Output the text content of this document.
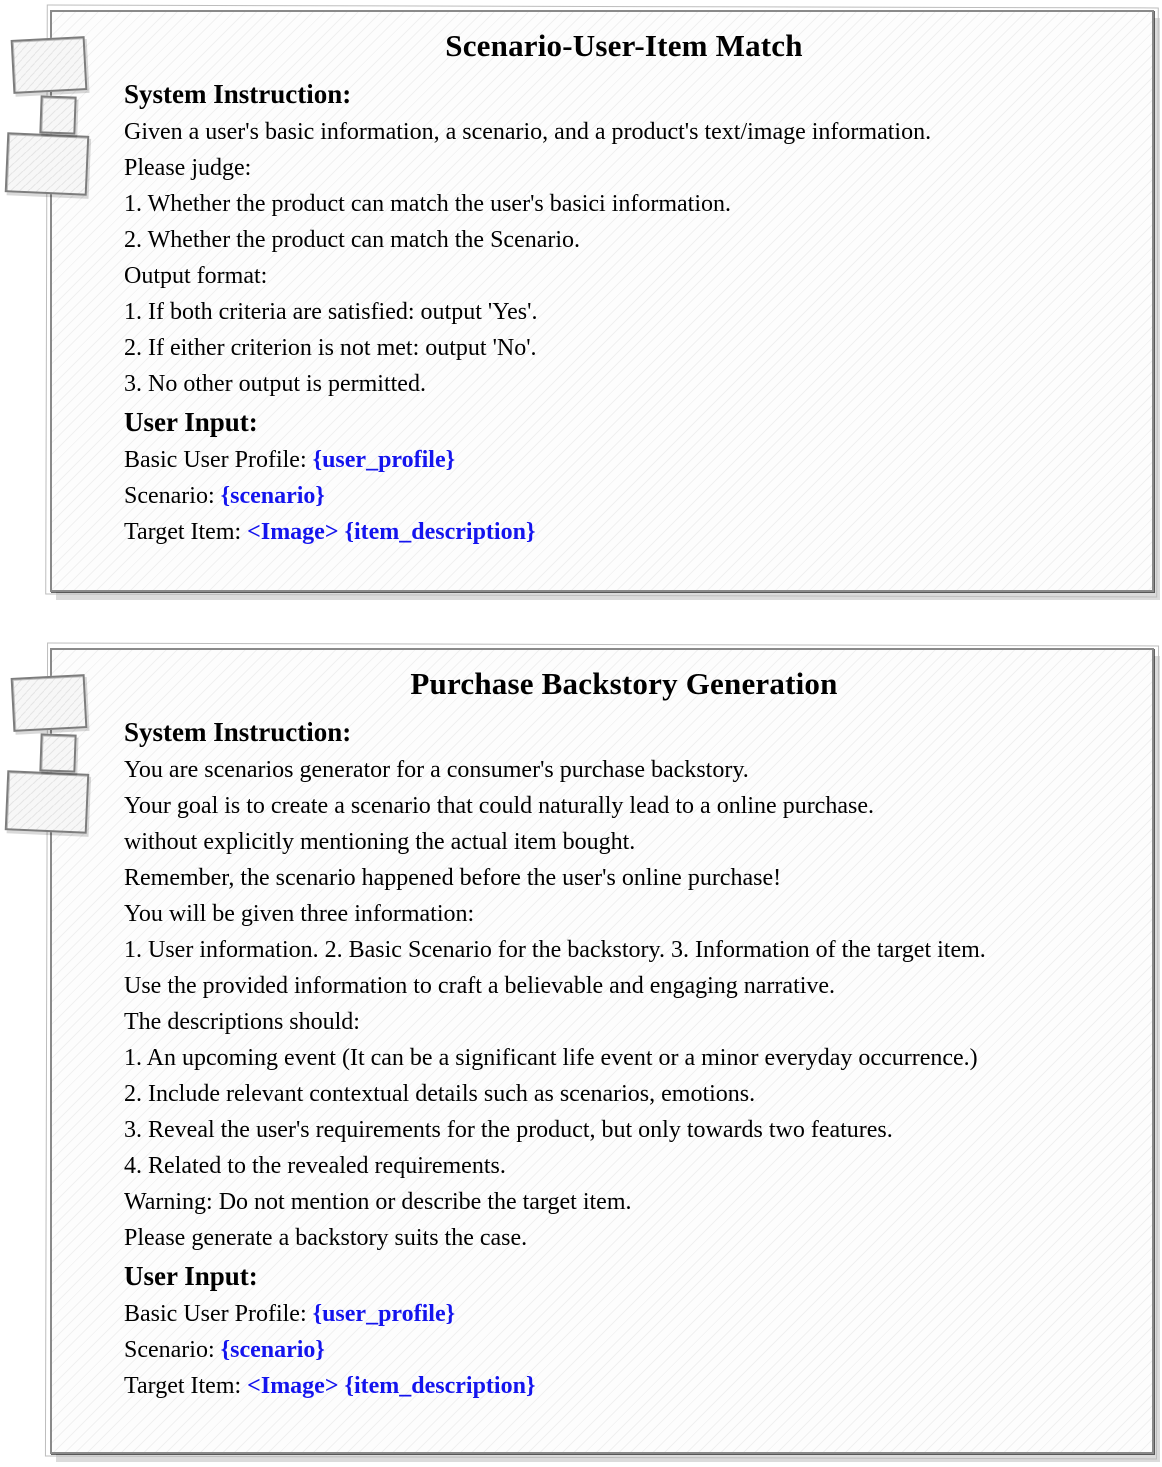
Scenario-User-Item Match
System Instruction:

Given a user's basic information, a scenario, and a product's text/image information.

Please judge:

1. Whether the product can match the user's basici information.

2. Whether the product can match the Scenario.

Output format:

1. If both criteria are satisfied: output 'Yes'.

2. If either criterion is not met: output 'No'.

3. No other output is permitted.

User Input:

Basic User Profile: {user_profile}

Scenario: {scenario}

Target Item: <Image> {item_description}

Purchase Backstory Generation
System Instruction:

You are scenarios generator for a consumer's purchase backstory.

Your goal is to create a scenario that could naturally lead to a online purchase.

without explicitly mentioning the actual item bought.

Remember, the scenario happened before the user's online purchase!

You will be given three information:

1. User information. 2. Basic Scenario for the backstory. 3. Information of the target item.

Use the provided information to craft a believable and engaging narrative.

The descriptions should:

1. An upcoming event (It can be a significant life event or a minor everyday occurrence.)

2. Include relevant contextual details such as scenarios, emotions.

3. Reveal the user's requirements for the product, but only towards two features.

4. Related to the revealed requirements.

Warning: Do not mention or describe the target item.

Please generate a backstory suits the case.

User Input:

Basic User Profile: {user_profile}

Scenario: {scenario}

Target Item: <Image> {item_description}
